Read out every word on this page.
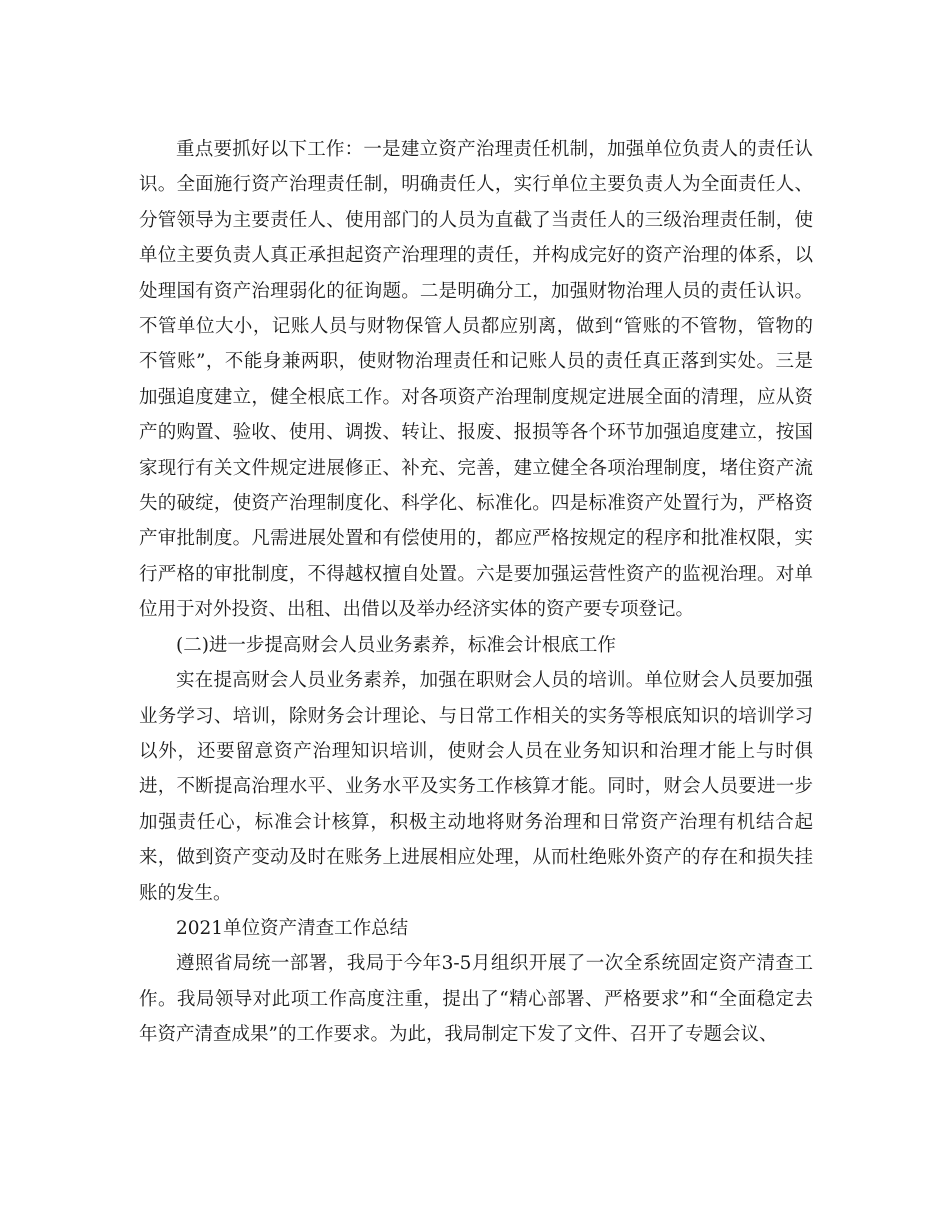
重点要抓好以下工作：一是建立资产治理责任机制，加强单位负责人的责任认识。全面施行资产治理责任制，明确责任人，实行单位主要负责人为全面责任人、分管领导为主要责任人、使用部门的人员为直截了当责任人的三级治理责任制，使单位主要负责人真正承担起资产治理理的责任，并构成完好的资产治理的体系，以处理国有资产治理弱化的征询题。二是明确分工，加强财物治理人员的责任认识。不管单位大小，记账人员与财物保管人员都应别离，做到“管账的不管物，管物的不管账”，不能身兼两职，使财物治理责任和记账人员的责任真正落到实处。三是加强追度建立，健全根底工作。对各项资产治理制度规定进展全面的清理，应从资产的购置、验收、使用、调拨、转让、报废、报损等各个环节加强追度建立，按国家现行有关文件规定进展修正、补充、完善，建立健全各项治理制度，堵住资产流失的破绽，使资产治理制度化、科学化、标准化。四是标准资产处置行为，严格资产审批制度。凡需进展处置和有偿使用的，都应严格按规定的程序和批准权限，实行严格的审批制度，不得越权擅自处置。六是要加强运营性资产的监视治理。对单位用于对外投资、出租、出借以及举办经济实体的资产要专项登记。

(二)进一步提高财会人员业务素养，标准会计根底工作

实在提高财会人员业务素养，加强在职财会人员的培训。单位财会人员要加强业务学习、培训，除财务会计理论、与日常工作相关的实务等根底知识的培训学习以外，还要留意资产治理知识培训，使财会人员在业务知识和治理才能上与时俱进，不断提高治理水平、业务水平及实务工作核算才能。同时，财会人员要进一步加强责任心，标准会计核算，积极主动地将财务治理和日常资产治理有机结合起来，做到资产变动及时在账务上进展相应处理，从而杜绝账外资产的存在和损失挂账的发生。

2021单位资产清查工作总结

遵照省局统一部署，我局于今年3-5月组织开展了一次全系统固定资产清查工作。我局领导对此项工作高度注重，提出了“精心部署、严格要求”和“全面稳定去年资产清查成果”的工作要求。为此，我局制定下发了文件、召开了专题会议、
